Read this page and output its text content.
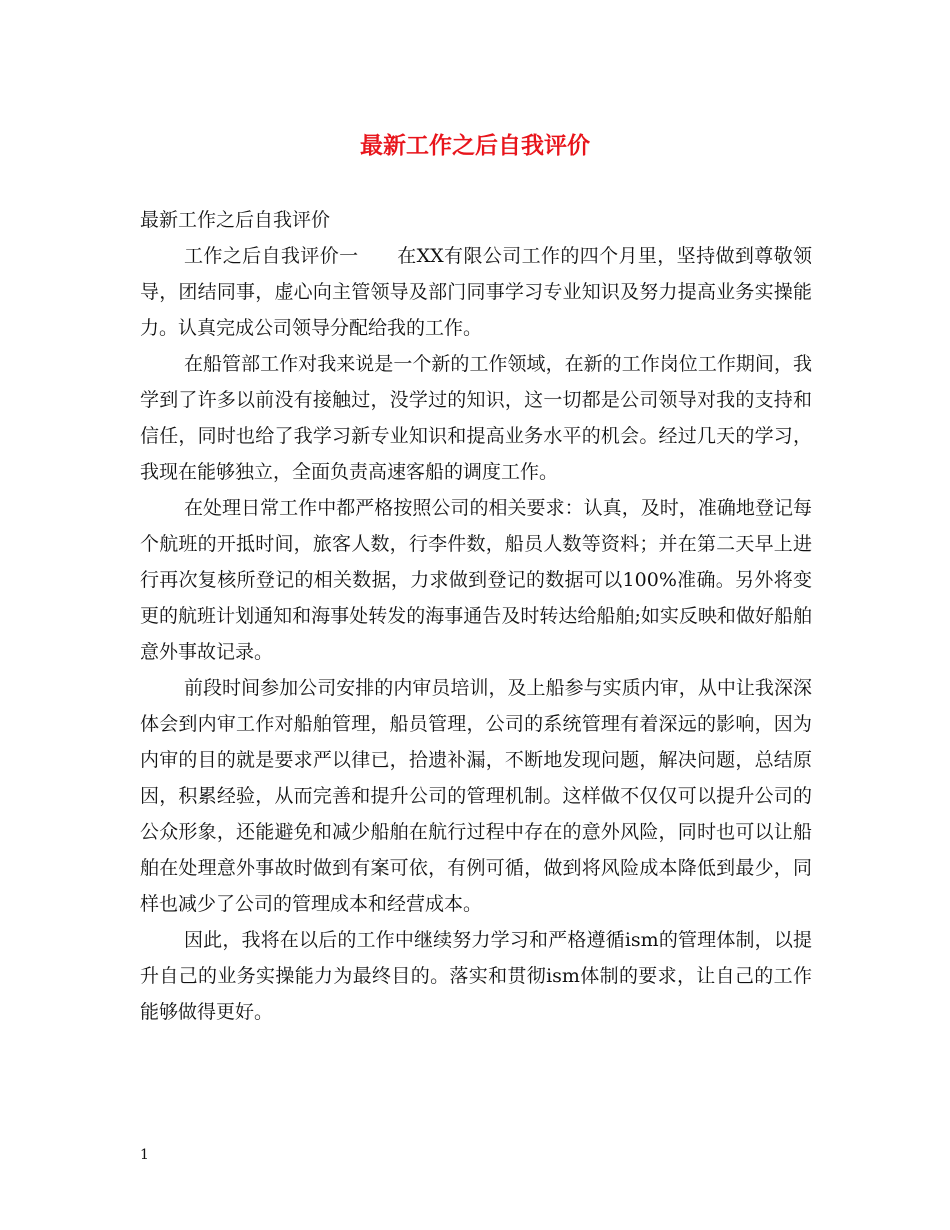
最新工作之后自我评价

最新工作之后自我评价

工作之后自我评价一　　在XX有限公司工作的四个月里，坚持做到尊敬领导，团结同事，虚心向主管领导及部门同事学习专业知识及努力提高业务实操能力。认真完成公司领导分配给我的工作。

在船管部工作对我来说是一个新的工作领域，在新的工作岗位工作期间，我学到了许多以前没有接触过，没学过的知识，这一切都是公司领导对我的支持和信任，同时也给了我学习新专业知识和提高业务水平的机会。经过几天的学习，我现在能够独立，全面负责高速客船的调度工作。

在处理日常工作中都严格按照公司的相关要求：认真，及时，准确地登记每个航班的开抵时间，旅客人数，行李件数，船员人数等资料；并在第二天早上进行再次复核所登记的相关数据，力求做到登记的数据可以100%准确。另外将变更的航班计划通知和海事处转发的海事通告及时转达给船舶;如实反映和做好船舶意外事故记录。

前段时间参加公司安排的内审员培训，及上船参与实质内审，从中让我深深体会到内审工作对船舶管理，船员管理，公司的系统管理有着深远的影响，因为内审的目的就是要求严以律已，拾遗补漏，不断地发现问题，解决问题，总结原因，积累经验，从而完善和提升公司的管理机制。这样做不仅仅可以提升公司的公众形象，还能避免和减少船舶在航行过程中存在的意外风险，同时也可以让船舶在处理意外事故时做到有案可依，有例可循，做到将风险成本降低到最少，同样也减少了公司的管理成本和经营成本。

因此，我将在以后的工作中继续努力学习和严格遵循ism的管理体制，以提升自己的业务实操能力为最终目的。落实和贯彻ism体制的要求，让自己的工作能够做得更好。

1
